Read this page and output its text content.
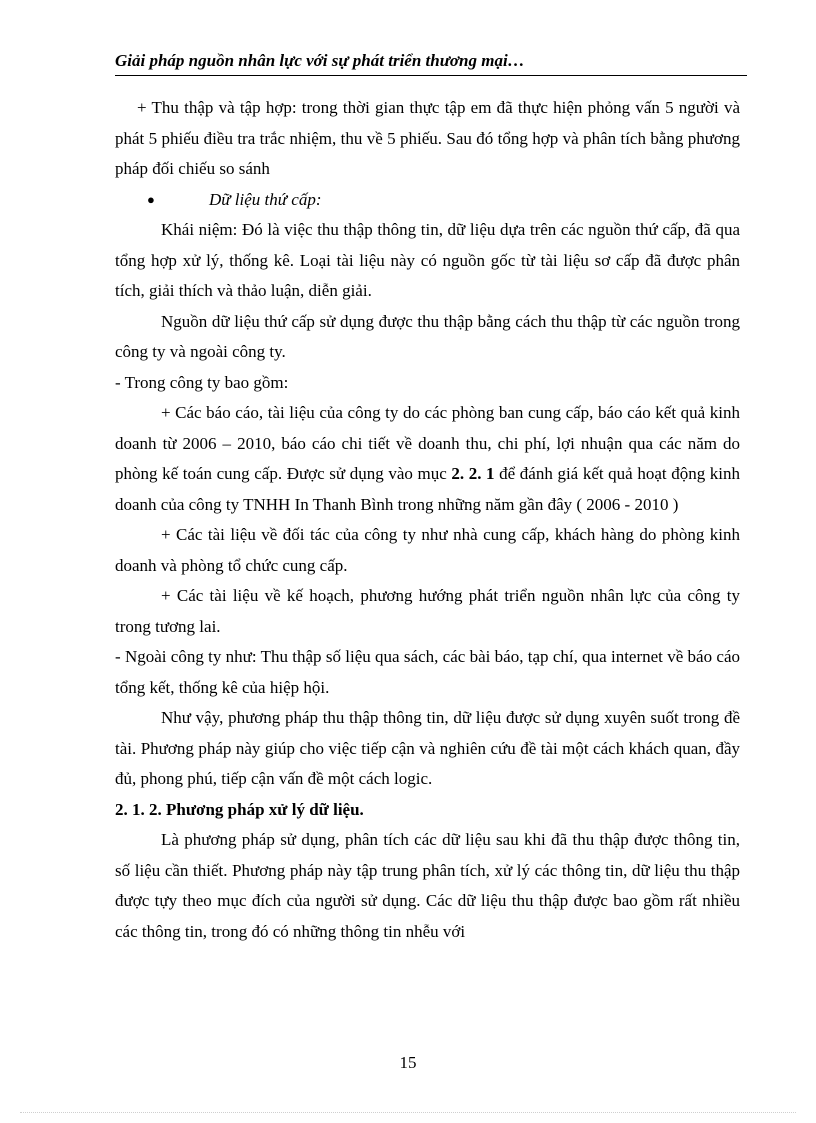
Giải pháp nguồn nhân lực với sự phát triển thương mại…

+ Thu thập và tập hợp: trong thời gian thực tập em đã thực hiện phỏng vấn 5 người và phát 5 phiếu điều tra trắc nhiệm, thu về 5 phiếu. Sau đó tổng hợp và phân tích bằng phương pháp đối chiếu so sánh

●	Dữ liệu thứ cấp:

Khái niệm: Đó là việc thu thập thông tin, dữ liệu dựa trên các nguồn thứ cấp, đã qua tổng hợp xử lý, thống kê. Loại tài liệu này có nguồn gốc từ tài liệu sơ cấp đã được phân tích, giải thích và thảo luận, diễn giải.

Nguồn dữ liệu thứ cấp sử dụng được thu thập bằng cách thu thập từ các nguồn trong công ty và ngoài công ty.

- Trong công ty bao gồm:

+ Các báo cáo, tài liệu của công ty do các phòng ban cung cấp, báo cáo kết quả kinh doanh từ 2006 – 2010, báo cáo chi tiết về doanh thu, chi phí, lợi nhuận qua các năm do phòng kế toán cung cấp. Được sử dụng vào mục 2. 2. 1 để đánh giá kết quả hoạt động kinh doanh của công ty TNHH In Thanh Bình trong những năm gần đây ( 2006 - 2010 )

+ Các tài liệu về đối tác của công ty như nhà cung cấp, khách hàng do phòng kinh doanh và phòng tổ chức cung cấp.

+ Các tài liệu về kế hoạch, phương hướng phát triển nguồn nhân lực của công ty trong tương lai.

- Ngoài công ty như: Thu thập số liệu qua sách, các bài báo, tạp chí, qua internet về báo cáo tổng kết, thống kê của hiệp hội.

Như vậy, phương pháp thu thập thông tin, dữ liệu được sử dụng xuyên suốt trong đề tài. Phương pháp này giúp cho việc tiếp cận và nghiên cứu đề tài một cách khách quan, đầy đủ, phong phú, tiếp cận vấn đề một cách logic.

2. 1. 2. Phương pháp xử lý dữ liệu.

Là phương pháp sử dụng, phân tích các dữ liệu sau khi đã thu thập được thông tin, số liệu cần thiết. Phương pháp này tập trung phân tích, xử lý các thông tin, dữ liệu thu thập được tựy theo mục đích của người sử dụng. Các dữ liệu thu thập được bao gồm rất nhiều các thông tin, trong đó có những thông tin nhễu với

15
